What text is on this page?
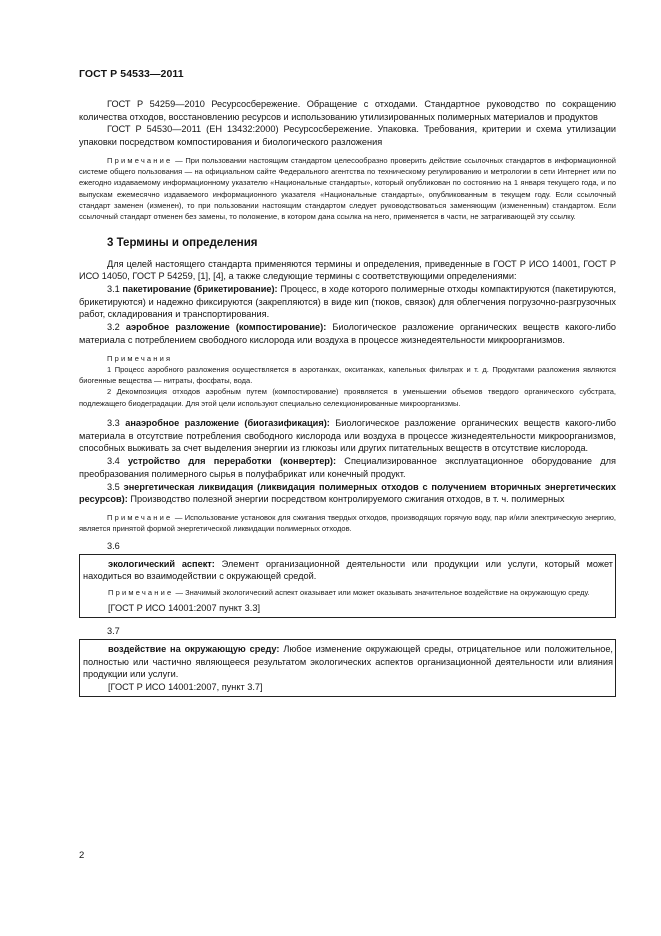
ГОСТ Р 54533—2011

ГОСТ Р 54259—2010 Ресурсосбережение. Обращение с отходами. Стандартное руководство по сокращению количества отходов, восстановлению ресурсов и использованию утилизированных полимерных материалов и продуктов

ГОСТ Р 54530—2011 (ЕН 13432:2000) Ресурсосбережение. Упаковка. Требования, критерии и схема утилизации упаковки посредством компостирования и биологического разложения

Примечание — При пользовании настоящим стандартом целесообразно проверить действие ссылочных стандартов в информационной системе общего пользования — на официальном сайте Федерального агентства по техническому регулированию и метрологии в сети Интернет или по ежегодно издаваемому информационному указателю «Национальные стандарты», который опубликован по состоянию на 1 января текущего года, и по выпускам ежемесячно издаваемого информационного указателя «Национальные стандарты», опубликованным в текущем году. Если ссылочный стандарт заменен (изменен), то при пользовании настоящим стандартом следует руководствоваться заменяющим (измененным) стандартом. Если ссылочный стандарт отменен без замены, то положение, в котором дана ссылка на него, применяется в части, не затрагивающей эту ссылку.

3 Термины и определения

Для целей настоящего стандарта применяются термины и определения, приведенные в ГОСТ Р ИСО 14001, ГОСТ Р ИСО 14050, ГОСТ Р 54259, [1], [4], а также следующие термины с соответствующими определениями:

3.1 пакетирование (брикетирование): Процесс, в ходе которого полимерные отходы компактируются (пакетируются, брикетируются) и надежно фиксируются (закрепляются) в виде кип (тюков, связок) для облегчения погрузочно-разгрузочных работ, складирования и транспортирования.

3.2 аэробное разложение (компостирование): Биологическое разложение органических веществ какого-либо материала с потреблением свободного кислорода или воздуха в процессе жизнедеятельности микроорганизмов.

Примечания

1 Процесс аэробного разложения осуществляется в аэротанках, окситанках, капельных фильтрах и т. д. Продуктами разложения являются биогенные вещества — нитраты, фосфаты, вода.

2 Декомпозиция отходов аэробным путем (компостирование) проявляется в уменьшении объемов твердого органического субстрата, подлежащего биодеградации. Для этой цели используют специально селекционированные микроорганизмы.

3.3 анаэробное разложение (биогазификация): Биологическое разложение органических веществ какого-либо материала в отсутствие потребления свободного кислорода или воздуха в процессе жизнедеятельности микроорганизмов, способных выживать за счет выделения энергии из глюкозы или других питательных веществ в отсутствие кислорода.

3.4 устройство для переработки (конвертер): Специализированное эксплуатационное оборудование для преобразования полимерного сырья в полуфабрикат или конечный продукт.

3.5 энергетическая ликвидация (ликвидация полимерных отходов с получением вторичных энергетических ресурсов): Производство полезной энергии посредством контролируемого сжигания отходов, в т. ч. полимерных

Примечание — Использование установок для сжигания твердых отходов, производящих горячую воду, пар и/или электрическую энергию, является принятой формой энергетической ликвидации полимерных отходов.

3.6

экологический аспект: Элемент организационной деятельности или продукции или услуги, который может находиться во взаимодействии с окружающей средой.

Примечание — Значимый экологический аспект оказывает или может оказывать значительное воздействие на окружающую среду.

[ГОСТ Р ИСО 14001:2007 пункт 3.3]

3.7

воздействие на окружающую среду: Любое изменение окружающей среды, отрицательное или положительное, полностью или частично являющееся результатом экологических аспектов организационной деятельности или влияния продукции или услуги.

[ГОСТ Р ИСО 14001:2007, пункт 3.7]

2
